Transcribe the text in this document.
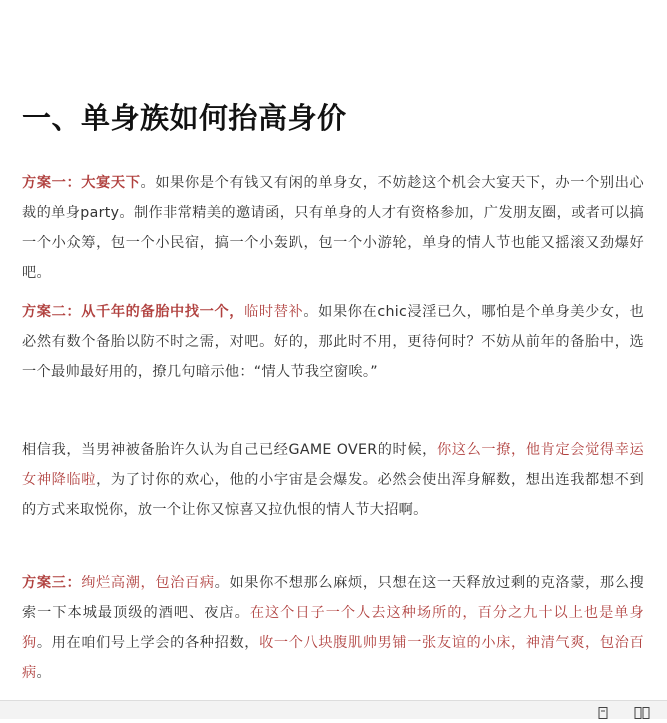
一、单身族如何抬高身价
方案一：大宴天下。如果你是个有钱又有闲的单身女，不妨趁这个机会大宴天下，办一个别出心裁的单身party。制作非常精美的邀请函，只有单身的人才有资格参加，广发朋友圈，或者可以搞一个小众筹，包一个小民宿，搞一个小轰趴，包一个小游轮，单身的情人节也能又摇滚又劲爆好吧。
方案二：从千年的备胎中找一个，临时替补。如果你在chic浸淫已久，哪怕是个单身美少女，也必然有数个备胎以防不时之需，对吧。好的，那此时不用，更待何时？不妨从前年的备胎中，选一个最帅最好用的，撩几句暗示他：“情人节我空窗唉。”
相信我，当男神被备胎许久认为自己已经GAME OVER的时候，你这么一撩，他肯定会觉得幸运女神降临啦，为了讨你的欢心，他的小宇宙是会爆发。必然会使出浑身解数，想出连我都想不到的方式来取悦你，放一个让你又惊喜又拉仇恨的情人节大招啊。
方案三：绚烂高潮，包治百病。如果你不想那么麻烦，只想在这一天释放过剩的克洛蒙，那么搜索一下本城最顶级的酒吧、夜店。在这个日子一个人去这种场所的，百分之九十以上也是单身狗。用在咱们号上学会的各种招数，收一个八块腹肌帅男铺一张友谊的小床，神清气爽，包治百病。
